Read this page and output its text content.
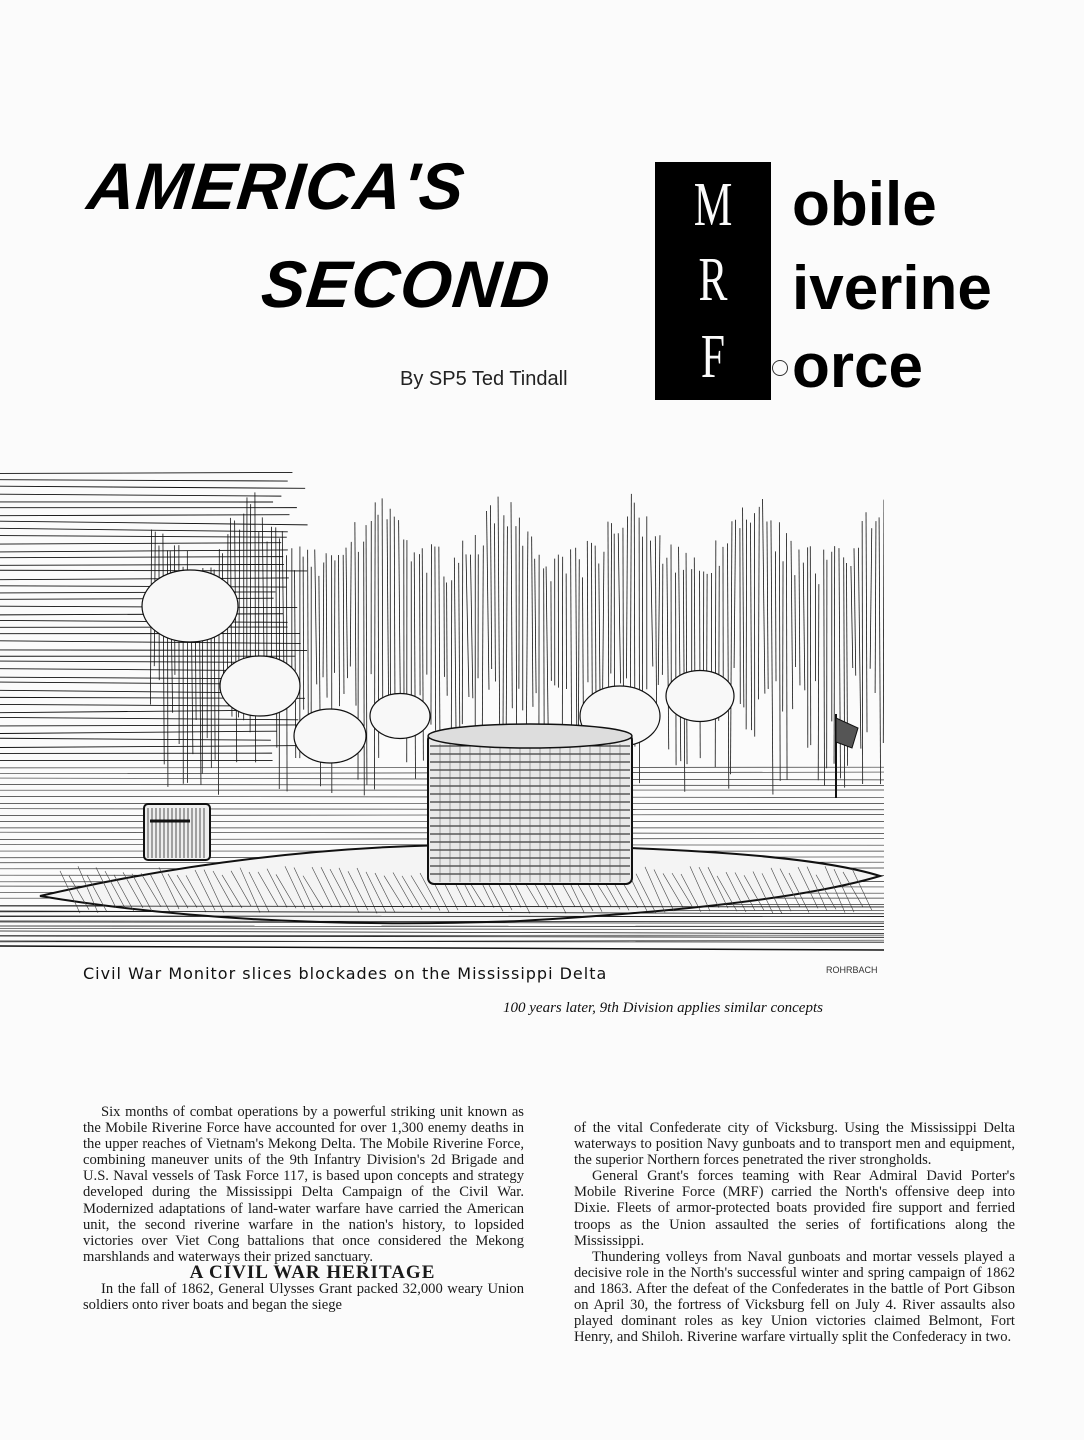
AMERICA'S
SECOND
By SP5 Ted Tindall
M
R
F
obile
iverine
orce
Civil War Monitor slices blockades on the Mississippi Delta	ROHRBACH
100 years later, 9th Division applies similar concepts

Six months of combat operations by a powerful striking unit known as the Mobile Riverine Force have accounted for over 1,300 enemy deaths in the upper reaches of Vietnam's Mekong Delta. The Mobile Riverine Force, combining maneuver units of the 9th Infantry Division's 2d Brigade and U.S. Naval vessels of Task Force 117, is based upon concepts and strategy developed during the Mississippi Delta Campaign of the Civil War. Modernized adaptations of land-water warfare have carried the American unit, the second riverine warfare in the nation's history, to lopsided victories over Viet Cong battalions that once considered the Mekong marshlands and waterways their prized sanctuary.

A CIVIL WAR HERITAGE

In the fall of 1862, General Ulysses Grant packed 32,000 weary Union soldiers onto river boats and began the siege

of the vital Confederate city of Vicksburg. Using the Mississippi Delta waterways to position Navy gunboats and to transport men and equipment, the superior Northern forces penetrated the river strongholds.

General Grant's forces teaming with Rear Admiral David Porter's Mobile Riverine Force (MRF) carried the North's offensive deep into Dixie. Fleets of armor-protected boats provided fire support and ferried troops as the Union assaulted the series of fortifications along the Mississippi.

Thundering volleys from Naval gunboats and mortar vessels played a decisive role in the North's successful winter and spring campaign of 1862 and 1863. After the defeat of the Confederates in the battle of Port Gibson on April 30, the fortress of Vicksburg fell on July 4. River assaults also played dominant roles as key Union victories claimed Belmont, Fort Henry, and Shiloh. Riverine warfare virtually split the Confederacy in two.
